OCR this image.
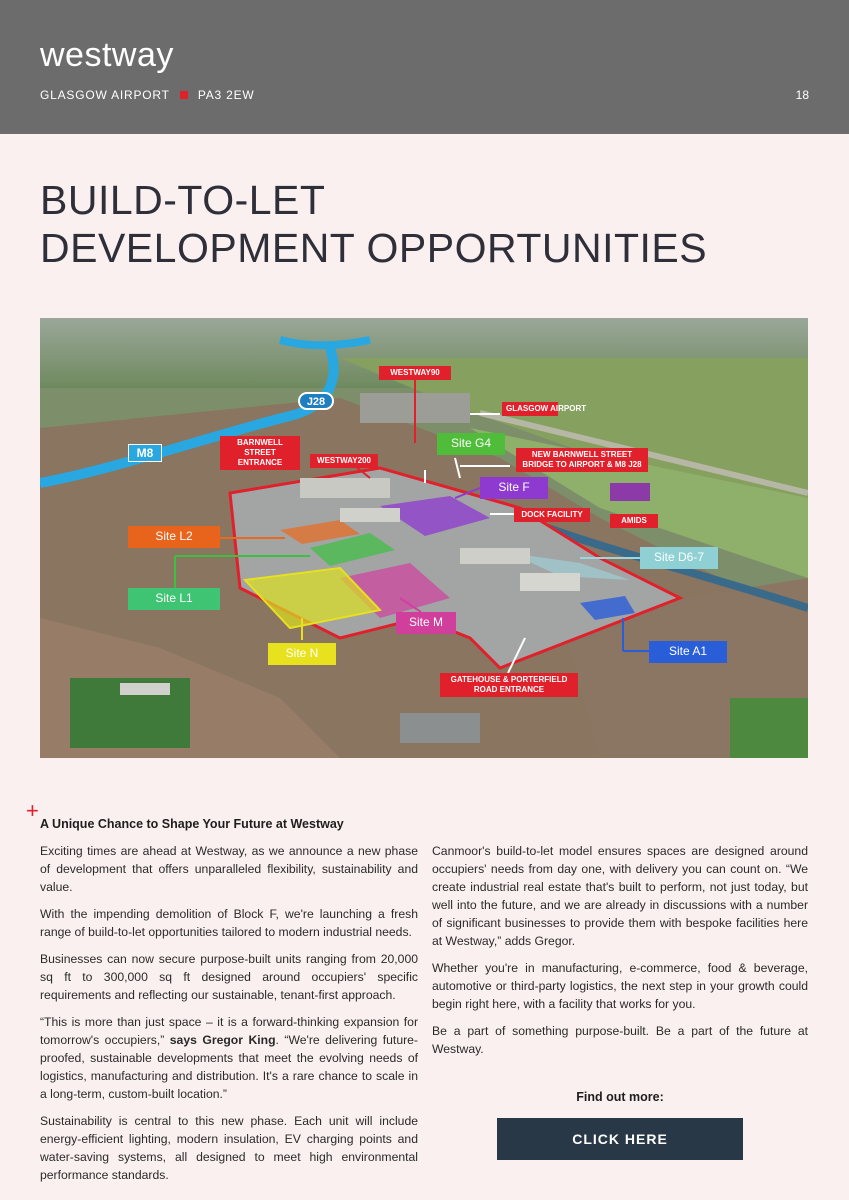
westway
GLASGOW AIRPORT PA3 2EW	18
BUILD-TO-LET
DEVELOPMENT OPPORTUNITIES
M8
J28
WESTWAY90
GLASGOW AIRPORT
BARNWELL STREET ENTRANCE	WESTWAY200
NEW BARNWELL STREET BRIDGE TO AIRPORT & M8 J28
DOCK FACILITY
AMIDS
GATEHOUSE & PORTERFIELD ROAD ENTRANCE
Site G4
Site F
Site L2
Site D6-7
Site L1
Site M
Site N	Site A1
+
A Unique Chance to Shape Your Future at Westway

Exciting times are ahead at Westway, as we announce a new phase of development that offers unparalleled flexibility, sustainability and value.

With the impending demolition of Block F, we're launching a fresh range of build-to-let opportunities tailored to modern industrial needs.

Businesses can now secure purpose-built units ranging from 20,000 sq ft to 300,000 sq ft designed around occupiers' specific requirements and reflecting our sustainable, tenant-first approach.

“This is more than just space – it is a forward-thinking expansion for tomorrow's occupiers,” says Gregor King. “We're delivering future-proofed, sustainable developments that meet the evolving needs of logistics, manufacturing and distribution. It's a rare chance to scale in a long-term, custom-built location.”

Sustainability is central to this new phase. Each unit will include energy-efficient lighting, modern insulation, EV charging points and water-saving systems, all designed to meet high environmental performance standards.

Canmoor's build-to-let model ensures spaces are designed around occupiers' needs from day one, with delivery you can count on. “We create industrial real estate that's built to perform, not just today, but well into the future, and we are already in discussions with a number of significant businesses to provide them with bespoke facilities here at Westway,” adds Gregor.

Whether you're in manufacturing, e-commerce, food & beverage, automotive or third-party logistics, the next step in your growth could begin right here, with a facility that works for you.

Be a part of something purpose-built. Be a part of the future at Westway.

Find out more:
CLICK HERE
